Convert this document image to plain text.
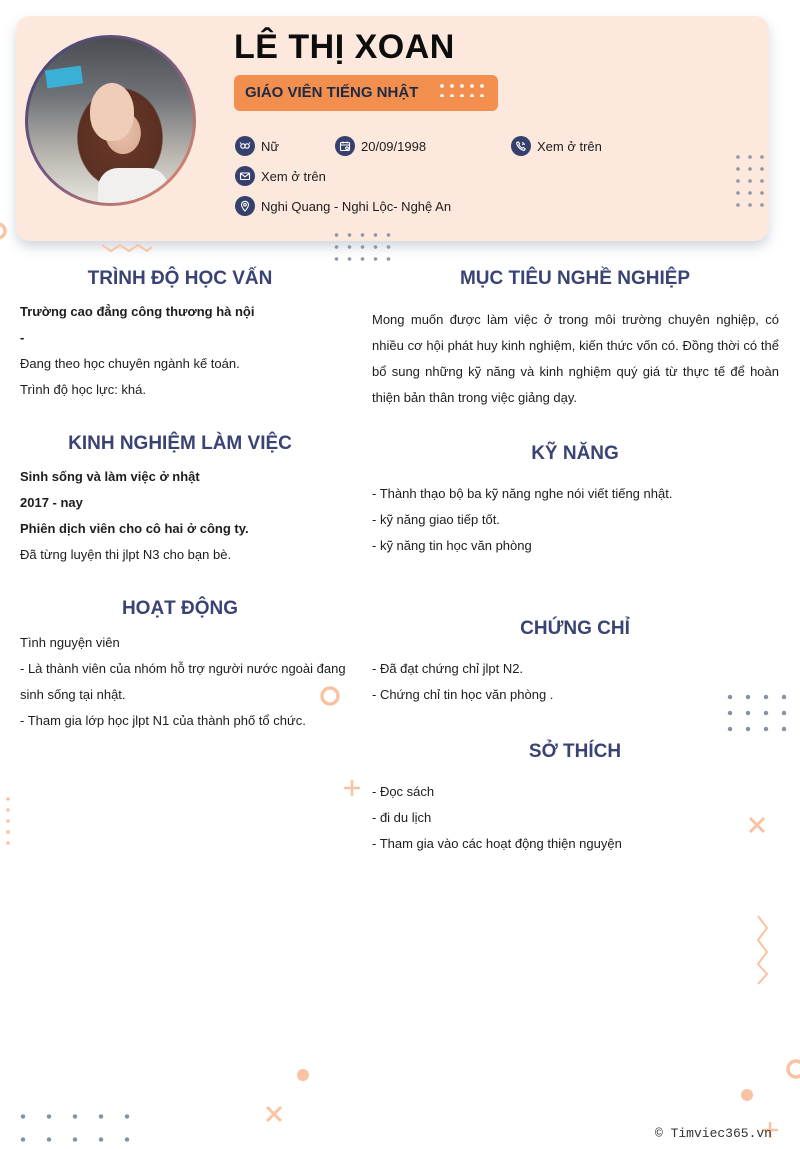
LÊ THỊ XOAN
GIÁO VIÊN TIẾNG NHẬT
Nữ	20/09/1998	Xem ở trên
Xem ở trên
Nghi Quang - Nghi Lộc- Nghệ An
TRÌNH ĐỘ HỌC VẤN

Trường cao đẳng công thương hà nội

-

Đang theo học chuyên ngành kế toán.

Trình độ học lực: khá.

KINH NGHIỆM LÀM VIỆC

Sinh sống và làm việc ở nhật

2017 - nay

Phiên dịch viên cho cô hai ở công ty.

Đã từng luyện thi jlpt N3 cho bạn bè.

HOẠT ĐỘNG

Tình nguyện viên

- Là thành viên của nhóm hỗ trợ người nước ngoài đang sinh sống tại nhật.

- Tham gia lớp học jlpt N1 của thành phố tổ chức.

MỤC TIÊU NGHỀ NGHIỆP
Mong muốn được làm việc ở trong môi trường chuyên nghiệp, có nhiều cơ hội phát huy kinh nghiệm, kiến thức vốn có. Đồng thời có thể bổ sung những kỹ năng và kinh nghiệm quý giá từ thực tế để hoàn thiện bản thân trong việc giảng dạy.
KỸ NĂNG

- Thành thạo bộ ba kỹ năng nghe nói viết tiếng nhật.

- kỹ năng giao tiếp tốt.

- kỹ năng tin học văn phòng

CHỨNG CHỈ

- Đã đạt chứng chỉ jlpt N2.

- Chứng chỉ tin học văn phòng .

SỞ THÍCH

- Đọc sách

- đi du lịch

- Tham gia vào các hoạt động thiện nguyện

© Timviec365.vn
